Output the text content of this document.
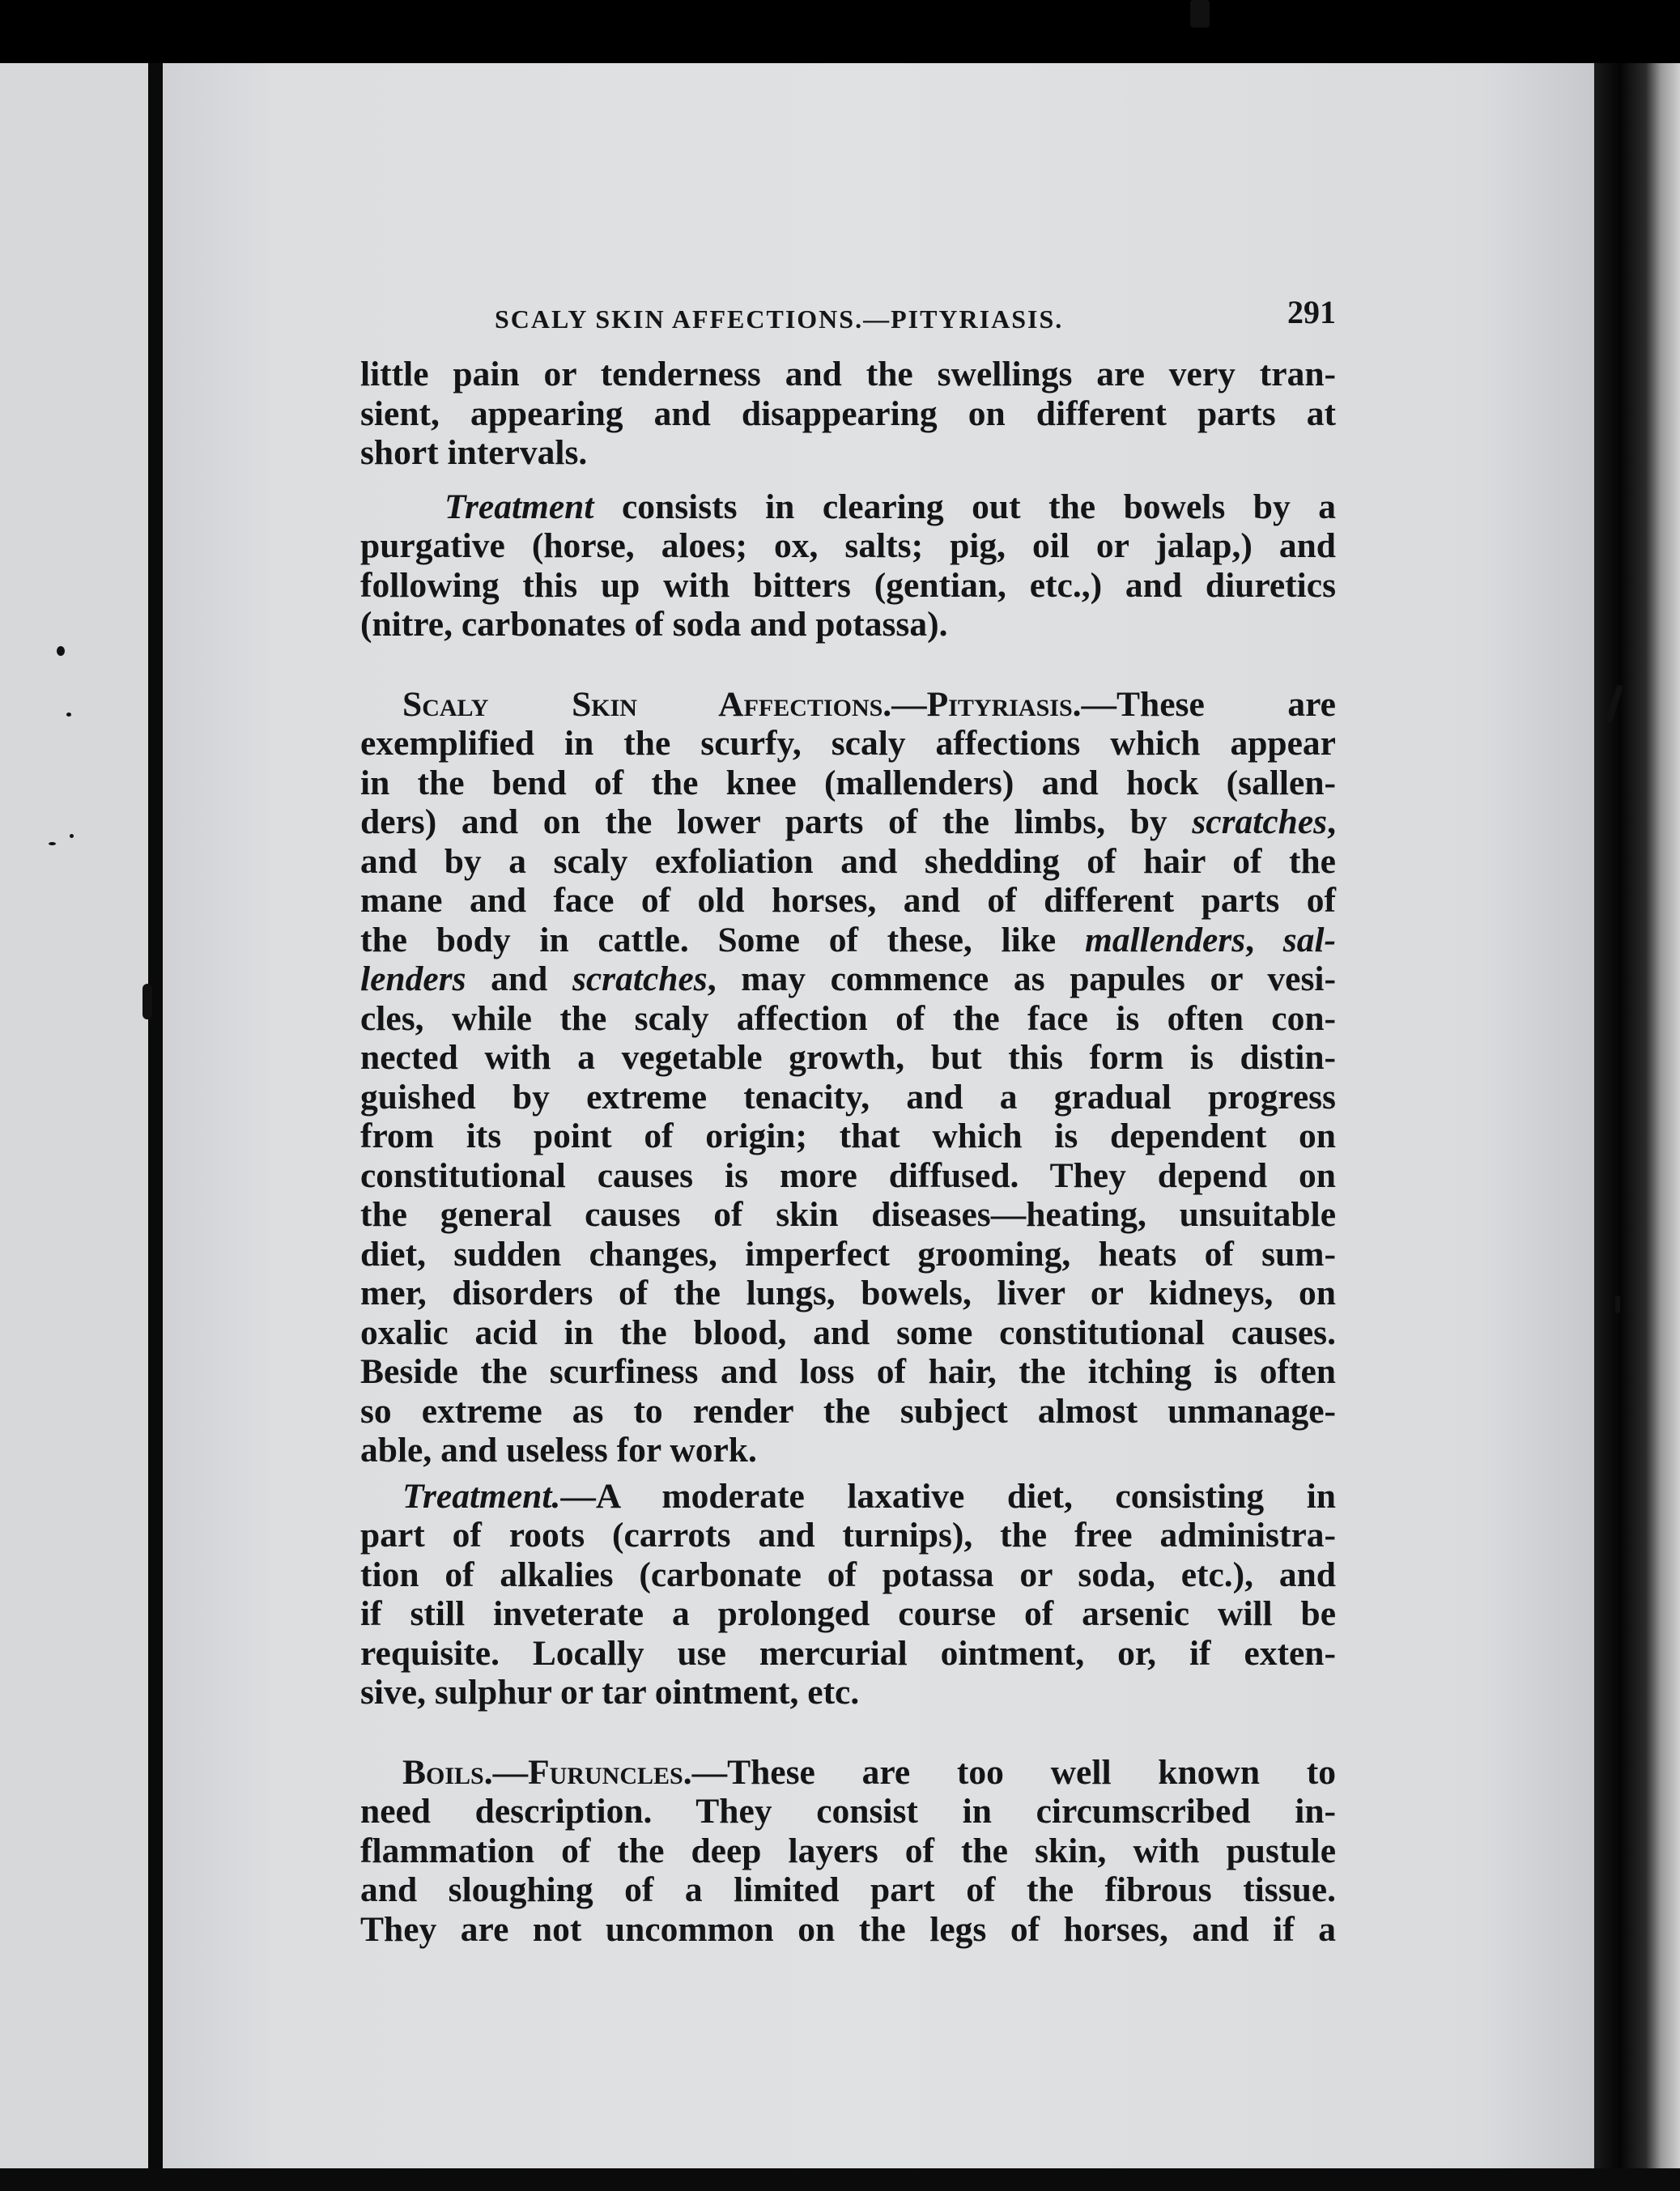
SCALY SKIN AFFECTIONS.—PITYRIASIS.	291

little pain or tenderness and the swellings are very tran-
sient, appearing and disappearing on different parts at
short intervals.

Treatment consists in clearing out the bowels by a
purgative (horse, aloes; ox, salts; pig, oil or jalap,) and
following this up with bitters (gentian, etc.,) and diuretics
(nitre, carbonates of soda and potassa).

Scaly Skin Affections.—Pityriasis.—These are
exemplified in the scurfy, scaly affections which appear
in the bend of the knee (mallenders) and hock (sallen-
ders) and on the lower parts of the limbs, by scratches,
and by a scaly exfoliation and shedding of hair of the
mane and face of old horses, and of different parts of
the body in cattle. Some of these, like mallenders, sal-
lenders and scratches, may commence as papules or vesi-
cles, while the scaly affection of the face is often con-
nected with a vegetable growth, but this form is distin-
guished by extreme tenacity, and a gradual progress
from its point of origin; that which is dependent on
constitutional causes is more diffused. They depend on
the general causes of skin diseases—heating, unsuitable
diet, sudden changes, imperfect grooming, heats of sum-
mer, disorders of the lungs, bowels, liver or kidneys, on
oxalic acid in the blood, and some constitutional causes.
Beside the scurfiness and loss of hair, the itching is often
so extreme as to render the subject almost unmanage-
able, and useless for work.

Treatment.—A moderate laxative diet, consisting in
part of roots (carrots and turnips), the free administra-
tion of alkalies (carbonate of potassa or soda, etc.), and
if still inveterate a prolonged course of arsenic will be
requisite. Locally use mercurial ointment, or, if exten-
sive, sulphur or tar ointment, etc.

Boils.—Furuncles.—These are too well known to
need description. They consist in circumscribed in-
flammation of the deep layers of the skin, with pustule
and sloughing of a limited part of the fibrous tissue.
They are not uncommon on the legs of horses, and if a
